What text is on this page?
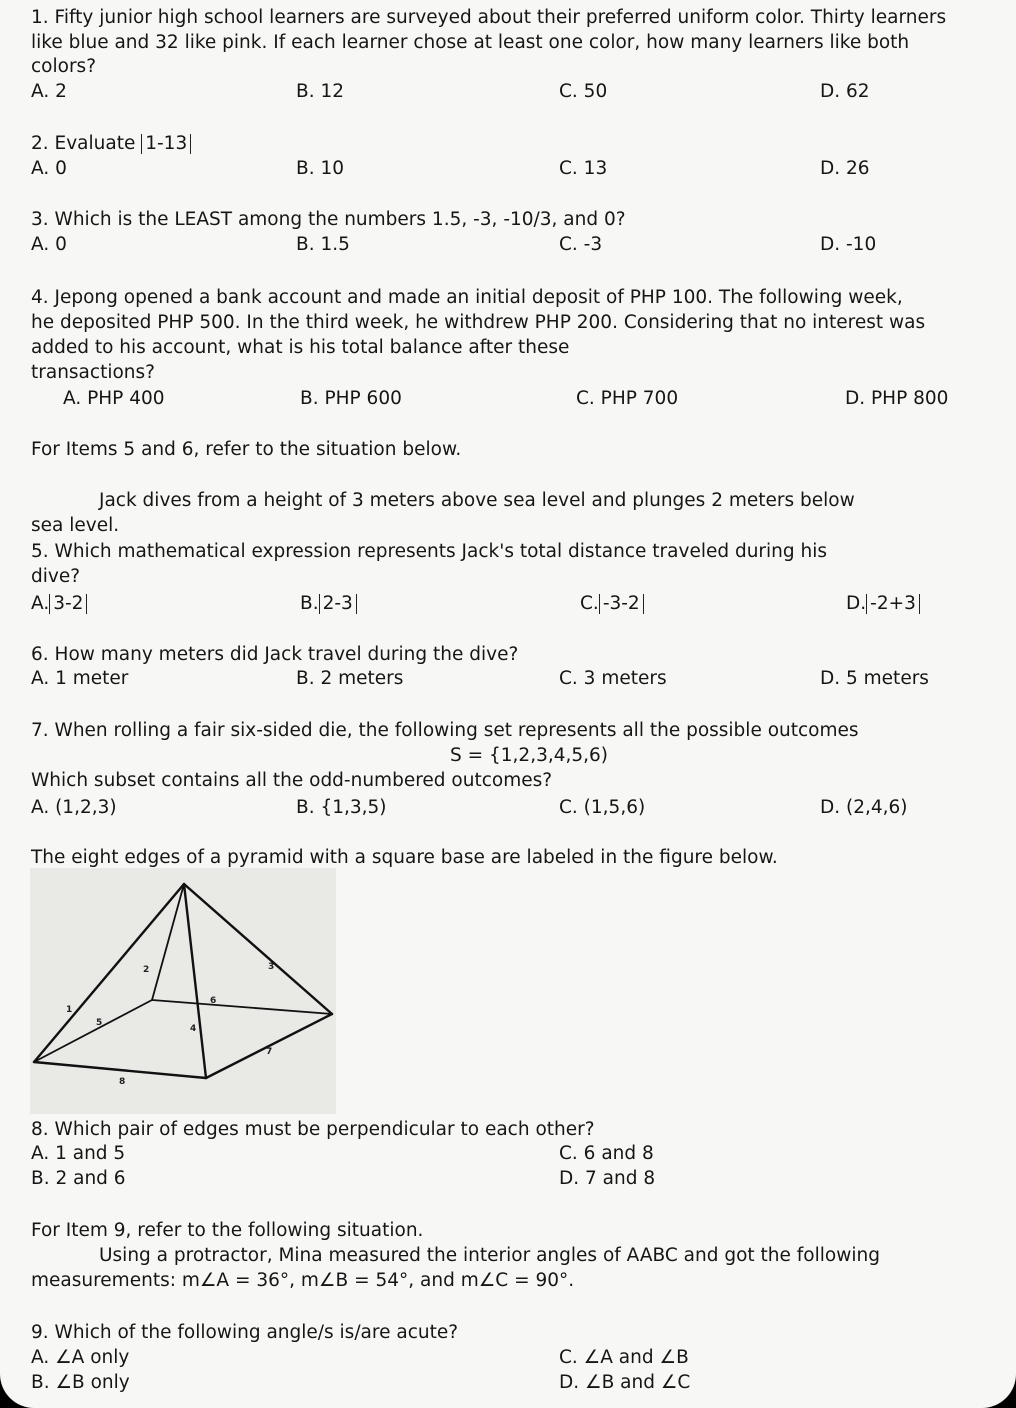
1. Fifty junior high school learners are surveyed about their preferred uniform color. Thirty learners
like blue and 32 like pink. If each learner chose at least one color, how many learners like both
colors?
A. 2	B. 12	C. 50	D. 62
2. Evaluate 1-13
A. 0	B. 10	C. 13	D. 26
3. Which is the LEAST among the numbers 1.5, -3, -10/3, and 0?
A. 0	B. 1.5	C. -3	D. -10
4. Jepong opened a bank account and made an initial deposit of PHP 100. The following week,
he deposited PHP 500. In the third week, he withdrew PHP 200. Considering that no interest was
added to his account, what is his total balance after these
transactions?
A. PHP 400	B. PHP 600	C. PHP 700	D. PHP 800
For Items 5 and 6, refer to the situation below.
Jack dives from a height of 3 meters above sea level and plunges 2 meters below
sea level.
5. Which mathematical expression represents Jack's total distance traveled during his
dive?
A. 3-2	B. 2-3	C. -3-2	D. -2+3
6. How many meters did Jack travel during the dive?
A. 1 meter	B. 2 meters	C. 3 meters	D. 5 meters
7. When rolling a fair six-sided die, the following set represents all the possible outcomes
S = {1,2,3,4,5,6)
Which subset contains all the odd-numbered outcomes?
A. (1,2,3)	B. {1,3,5)	C. (1,5,6)	D. (2,4,6)
The eight edges of a pyramid with a square base are labeled in the figure below.
1
2	3
4
5
6
7
8
8. Which pair of edges must be perpendicular to each other?
A. 1 and 5
B. 2 and 6
C. 6 and 8
D. 7 and 8
For Item 9, refer to the following situation.
Using a protractor, Mina measured the interior angles of AABC and got the following
measurements: m∠A = 36°, m∠B = 54°, and m∠C = 90°.
9. Which of the following angle/s is/are acute?
A. ∠A only
B. ∠B only
C. ∠A and ∠B
D. ∠B and ∠C
